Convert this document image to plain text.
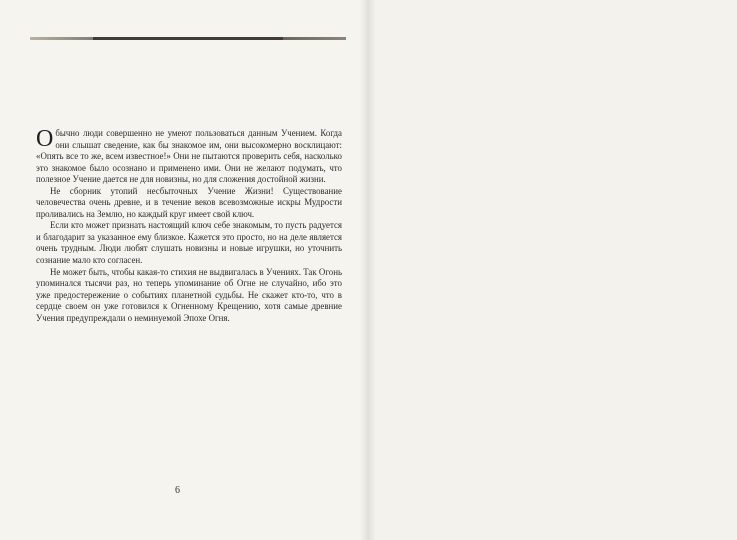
Обычно люди совершенно не умеют пользоваться данным Учением. Когда они слышат сведение, как бы знакомое им, они высокомерно восклицают: «Опять все то же, всем известное!» Они не пытаются проверить себя, насколько это знакомое было осознано и применено ими. Они не желают подумать, что полезное Учение дается не для новизны, но для сложения достойной жизни.

Не сборник утопий несбыточных Учение Жизни! Существование человечества очень древне, и в течение веков всевозможные искры Мудрости проливались на Землю, но каждый круг имеет свой ключ.

Если кто может признать настоящий ключ себе знакомым, то пусть радуется и благодарит за указанное ему близкое. Кажется это просто, но на деле является очень трудным. Люди любят слушать новизны и новые игрушки, но уточнить сознание мало кто согласен.

Не может быть, чтобы какая-то стихия не выдвигалась в Учениях. Так Огонь упоминался тысячи раз, но теперь упоминание об Огне не случайно, ибо это уже предостережение о событиях планетной судьбы. Не скажет кто-то, что в сердце своем он уже готовился к Огненному Крещению, хотя самые древние Учения предупреждали о неминуемой Эпохе Огня.

6
